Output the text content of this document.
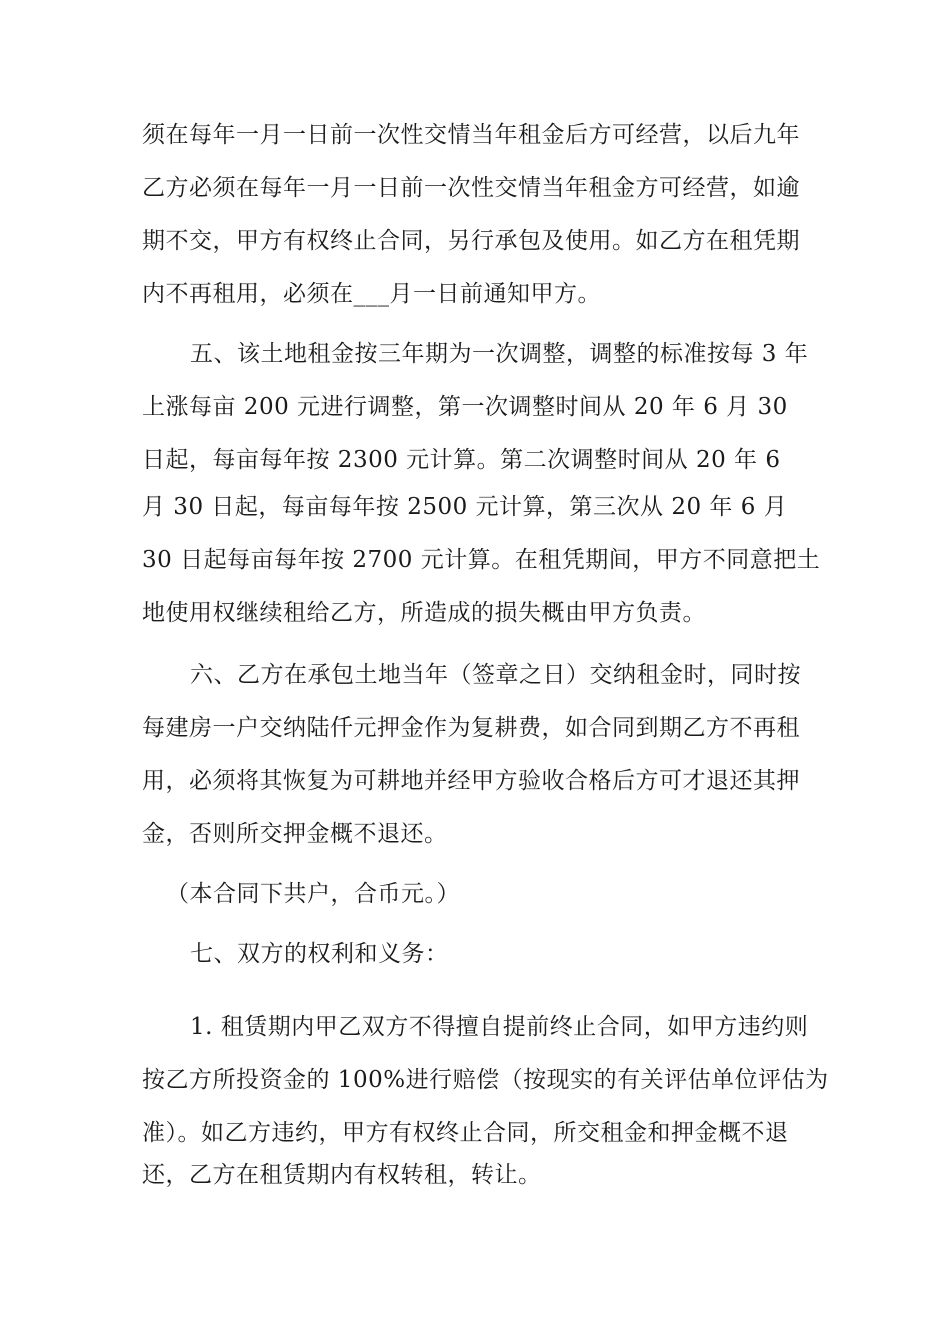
须在每年一月一日前一次性交情当年租金后方可经营，以后九年
乙方必须在每年一月一日前一次性交情当年租金方可经营，如逾
期不交，甲方有权终止合同，另行承包及使用。如乙方在租凭期
内不再租用，必须在___月一日前通知甲方。
五、该土地租金按三年期为一次调整，调整的标准按每 3 年
上涨每亩 200 元进行调整，第一次调整时间从 20 年 6 月 30
日起，每亩每年按 2300 元计算。第二次调整时间从 20 年 6
月 30 日起，每亩每年按 2500 元计算，第三次从 20 年 6 月
30 日起每亩每年按 2700 元计算。在租凭期间，甲方不同意把土
地使用权继续租给乙方，所造成的损失概由甲方负责。
六、乙方在承包土地当年（签章之日）交纳租金时，同时按
每建房一户交纳陆仟元押金作为复耕费，如合同到期乙方不再租
用，必须将其恢复为可耕地并经甲方验收合格后方可才退还其押
金，否则所交押金概不退还。
（本合同下共户，合币元。）
七、双方的权利和义务：
1. 租赁期内甲乙双方不得擅自提前终止合同，如甲方违约则
按乙方所投资金的 100%进行赔偿（按现实的有关评估单位评估为
准）。如乙方违约，甲方有权终止合同，所交租金和押金概不退
还，乙方在租赁期内有权转租，转让。
